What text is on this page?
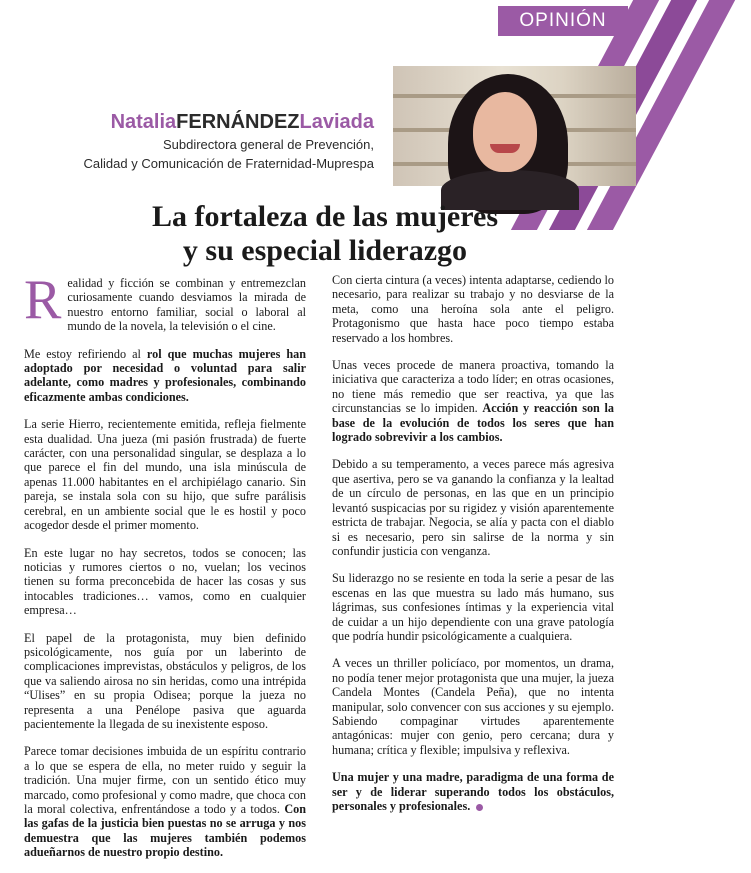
OPINIÓN
NataliaFERNÁNDEZLaviada
Subdirectora general de Prevención,
Calidad y Comunicación de Fraternidad-Muprespa
La fortaleza de las mujeres
y su especial liderazgo

Realidad y ficción se combinan y entremezclan curiosamente cuando desviamos la mirada de nuestro entorno familiar, social o laboral al mundo de la novela, la televisión o el cine.

Me estoy refiriendo al rol que muchas mujeres han adoptado por necesidad o voluntad para salir adelante, como madres y profesionales, combinando eficazmente ambas condiciones.

La serie Hierro, recientemente emitida, refleja fielmente esta dualidad. Una jueza (mi pasión frustrada) de fuerte carácter, con una personalidad singular, se desplaza a lo que parece el fin del mundo, una isla minúscula de apenas 11.000 habitantes en el archipiélago canario. Sin pareja, se instala sola con su hijo, que sufre parálisis cerebral, en un ambiente social que le es hostil y poco acogedor desde el primer momento.

En este lugar no hay secretos, todos se conocen; las noticias y rumores ciertos o no, vuelan; los vecinos tienen su forma preconcebida de hacer las cosas y sus intocables tradiciones… vamos, como en cualquier empresa…

El papel de la protagonista, muy bien definido psicológicamente, nos guía por un laberinto de complicaciones imprevistas, obstáculos y peligros, de los que va saliendo airosa no sin heridas, como una intrépida “Ulises” en su propia Odisea; porque la jueza no representa a una Penélope pasiva que aguarda pacientemente la llegada de su inexistente esposo.

Parece tomar decisiones imbuida de un espíritu contrario a lo que se espera de ella, no meter ruido y seguir la tradición. Una mujer firme, con un sentido ético muy marcado, como profesional y como madre, que choca con la moral colectiva, enfrentándose a todo y a todos. Con las gafas de la justicia bien puestas no se arruga y nos demuestra que las mujeres también podemos adueñarnos de nuestro propio destino.

Con cierta cintura (a veces) intenta adaptarse, cediendo lo necesario, para realizar su trabajo y no desviarse de la meta, como una heroína sola ante el peligro. Protagonismo que hasta hace poco tiempo estaba reservado a los hombres.

Unas veces procede de manera proactiva, tomando la iniciativa que caracteriza a todo líder; en otras ocasiones, no tiene más remedio que ser reactiva, ya que las circunstancias se lo impiden. Acción y reacción son la base de la evolución de todos los seres que han logrado sobrevivir a los cambios.

Debido a su temperamento, a veces parece más agresiva que asertiva, pero se va ganando la confianza y la lealtad de un círculo de personas, en las que en un principio levantó suspicacias por su rigidez y visión aparentemente estricta de trabajar. Negocia, se alía y pacta con el diablo si es necesario, pero sin salirse de la norma y sin confundir justicia con venganza.

Su liderazgo no se resiente en toda la serie a pesar de las escenas en las que muestra su lado más humano, sus lágrimas, sus confesiones íntimas y la experiencia vital de cuidar a un hijo dependiente con una grave patología que podría hundir psicológicamente a cualquiera.

A veces un thriller policíaco, por momentos, un drama, no podía tener mejor protagonista que una mujer, la jueza Candela Montes (Candela Peña), que no intenta manipular, solo convencer con sus acciones y su ejemplo. Sabiendo compaginar virtudes aparentemente antagónicas: mujer con genio, pero cercana; dura y humana; crítica y flexible; impulsiva y reflexiva.

Una mujer y una madre, paradigma de una forma de ser y de liderar superando todos los obstáculos, personales y profesionales.
